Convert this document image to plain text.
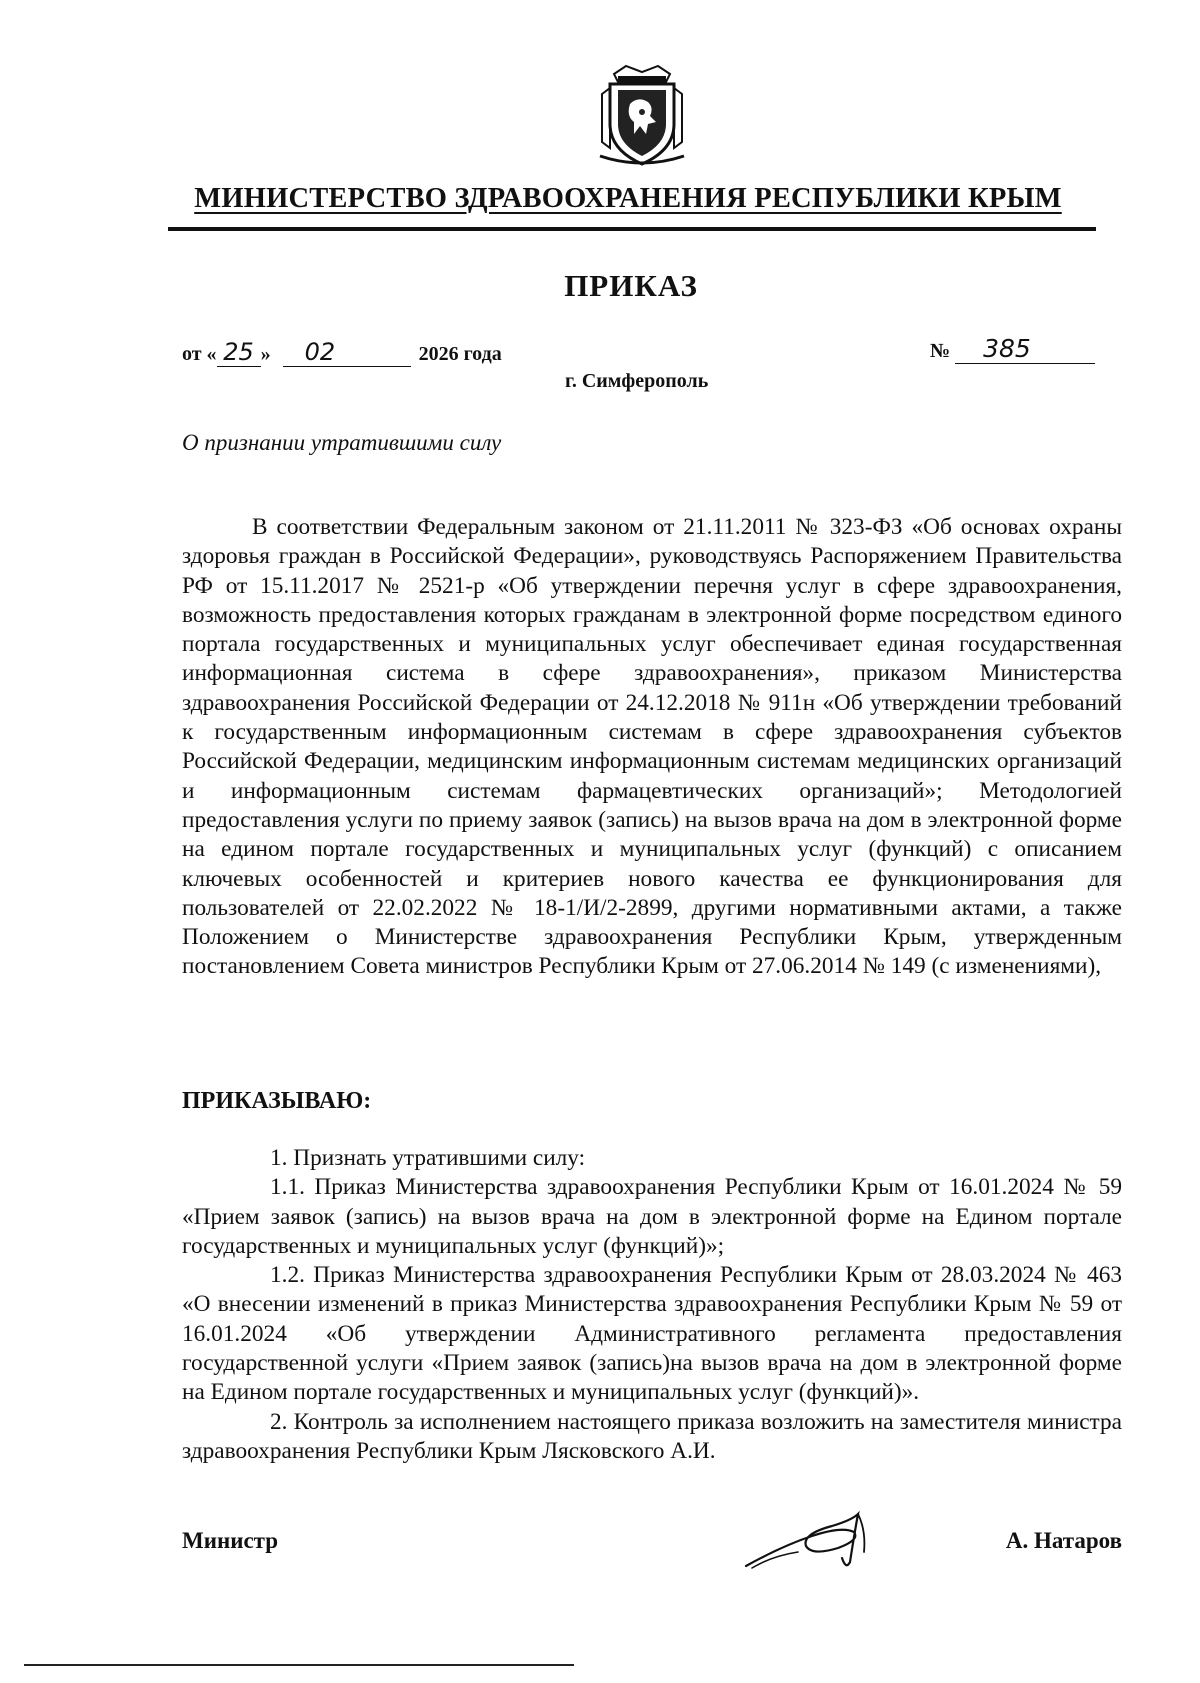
МИНИСТЕРСТВО ЗДРАВООХРАНЕНИЯ РЕСПУБЛИКИ КРЫМ
ПРИКАЗ
от « 25 » 02	2026 года	№ 385
г. Симферополь
О признании утратившими силу

В соответствии Федеральным законом от 21.11.2011 № 323-ФЗ «Об основах охраны здоровья граждан в Российской Федерации», руководствуясь Распоряжением Правительства РФ от 15.11.2017 № 2521-р «Об утверждении перечня услуг в сфере здравоохранения, возможность предоставления которых гражданам в электронной форме посредством единого портала государственных и муниципальных услуг обеспечивает единая государственная информационная система в сфере здравоохранения», приказом Министерства здравоохранения Российской Федерации от 24.12.2018 № 911н «Об утверждении требований к государственным информационным системам в сфере здравоохранения субъектов Российской Федерации, медицинским информационным системам медицинских организаций и информационным системам фармацевтических организаций»; Методологией предоставления услуги по приему заявок (запись) на вызов врача на дом в электронной форме на едином портале государственных и муниципальных услуг (функций) с описанием ключевых особенностей и критериев нового качества ее функционирования для пользователей от 22.02.2022 № 18-1/И/2-2899, другими нормативными актами, а также Положением о Министерстве здравоохранения Республики Крым, утвержденным постановлением Совета министров Республики Крым от 27.06.2014 № 149 (с изменениями),

ПРИКАЗЫВАЮ:

1. Признать утратившими силу:

1.1. Приказ Министерства здравоохранения Республики Крым от 16.01.2024 № 59 «Прием заявок (запись) на вызов врача на дом в электронной форме на Едином портале государственных и муниципальных услуг (функций)»;

1.2. Приказ Министерства здравоохранения Республики Крым от 28.03.2024 № 463 «О внесении изменений в приказ Министерства здравоохранения Республики Крым № 59 от 16.01.2024 «Об утверждении Административного регламента предоставления государственной услуги «Прием заявок (запись)на вызов врача на дом в электронной форме на Едином портале государственных и муниципальных услуг (функций)».

2. Контроль за исполнением настоящего приказа возложить на заместителя министра здравоохранения Республики Крым Лясковского А.И.

Министр	А. Натаров
